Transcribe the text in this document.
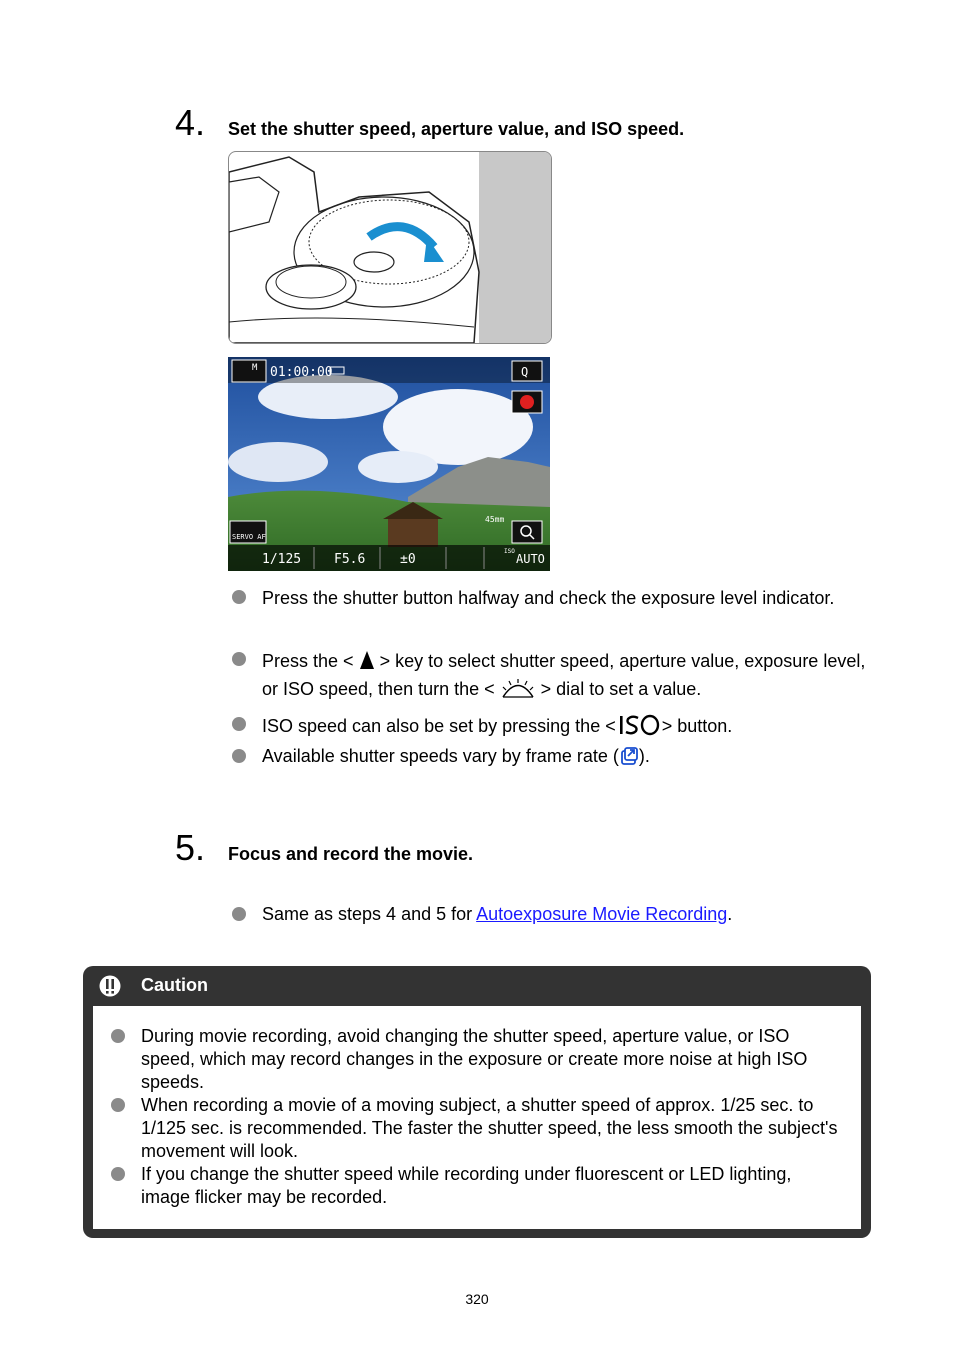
4. Set the shutter speed, aperture value, and ISO speed.
M 01:00:00	Q
SERVO AF
45mm
1/125	F5.6	±0
ISO
AUTO
Press the shutter button halfway and check the exposure level indicator.
Press the <  > key to select shutter speed, aperture value, exposure level, or ISO speed, then turn the <  > dial to set a value.
ISO speed can also be set by pressing the <	> button.
Available shutter speeds vary by frame rate ( ).
5. Focus and record the movie.
Same as steps 4 and 5 for Autoexposure Movie Recording.
Caution
During movie recording, avoid changing the shutter speed, aperture value, or ISO speed, which may record changes in the exposure or create more noise at high ISO speeds.
When recording a movie of a moving subject, a shutter speed of approx. 1/25 sec. to 1/125 sec. is recommended. The faster the shutter speed, the less smooth the subject's movement will look.
If you change the shutter speed while recording under fluorescent or LED lighting, image flicker may be recorded.
320
